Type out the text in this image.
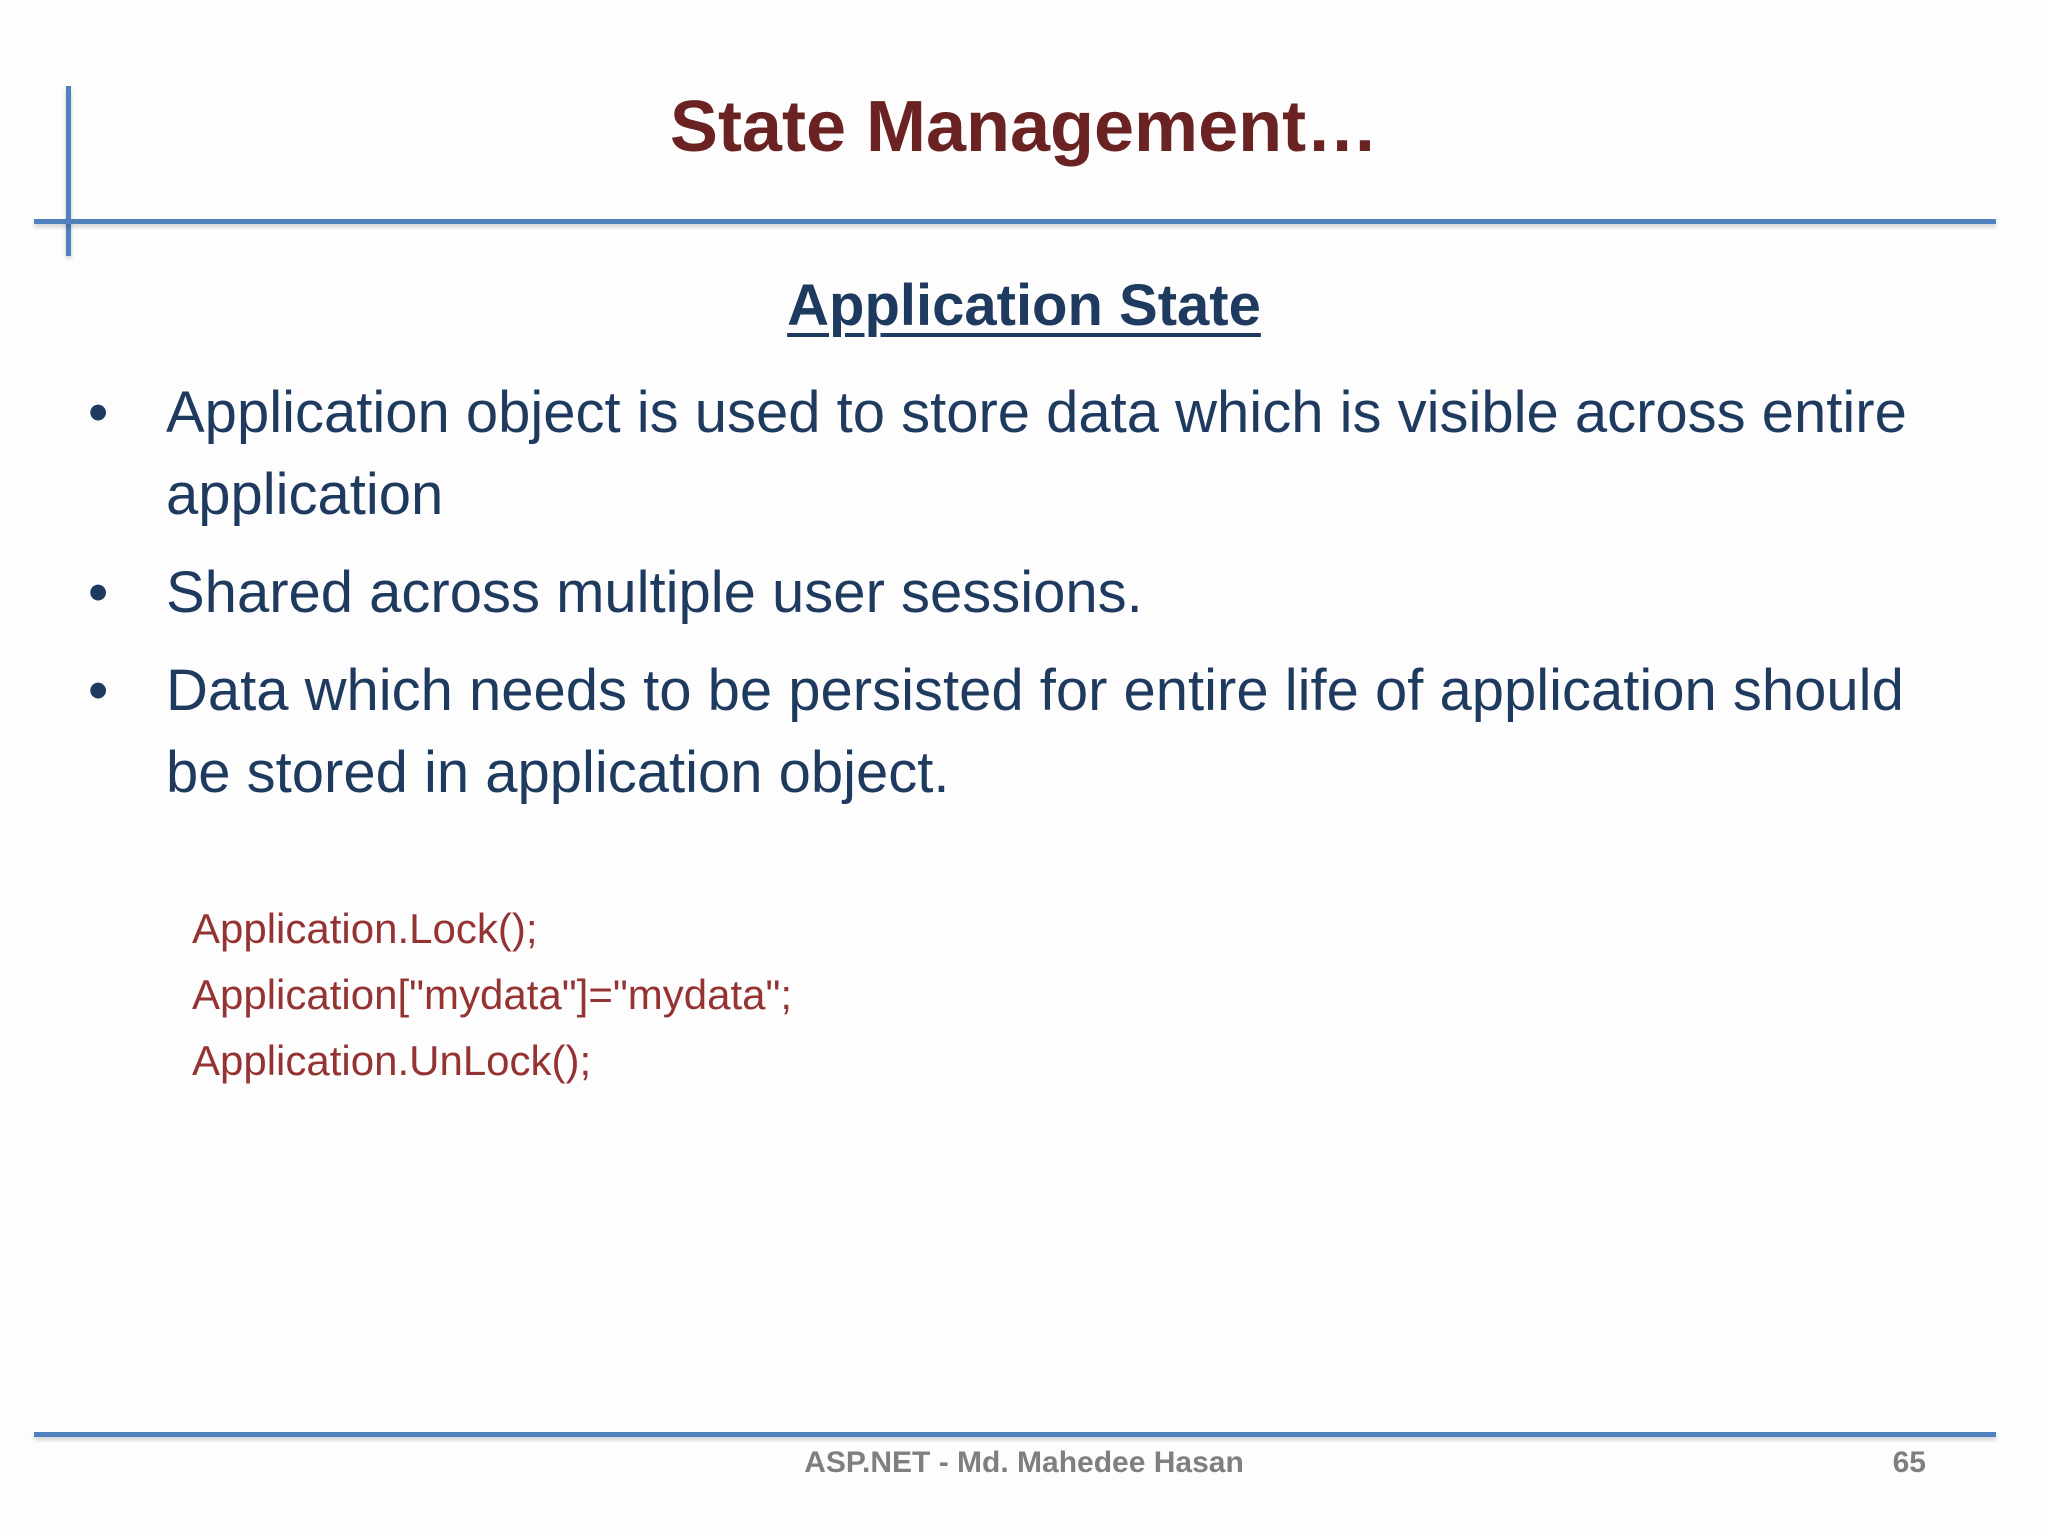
State Management…
Application State
• Application object is used to store data which is visible across entire application
• Shared across multiple user sessions.
• Data which needs to be persisted for entire life of application should be stored in application object.
Application.Lock();
Application["mydata"]="mydata";
Application.UnLock();
ASP.NET - Md. Mahedee Hasan	65
